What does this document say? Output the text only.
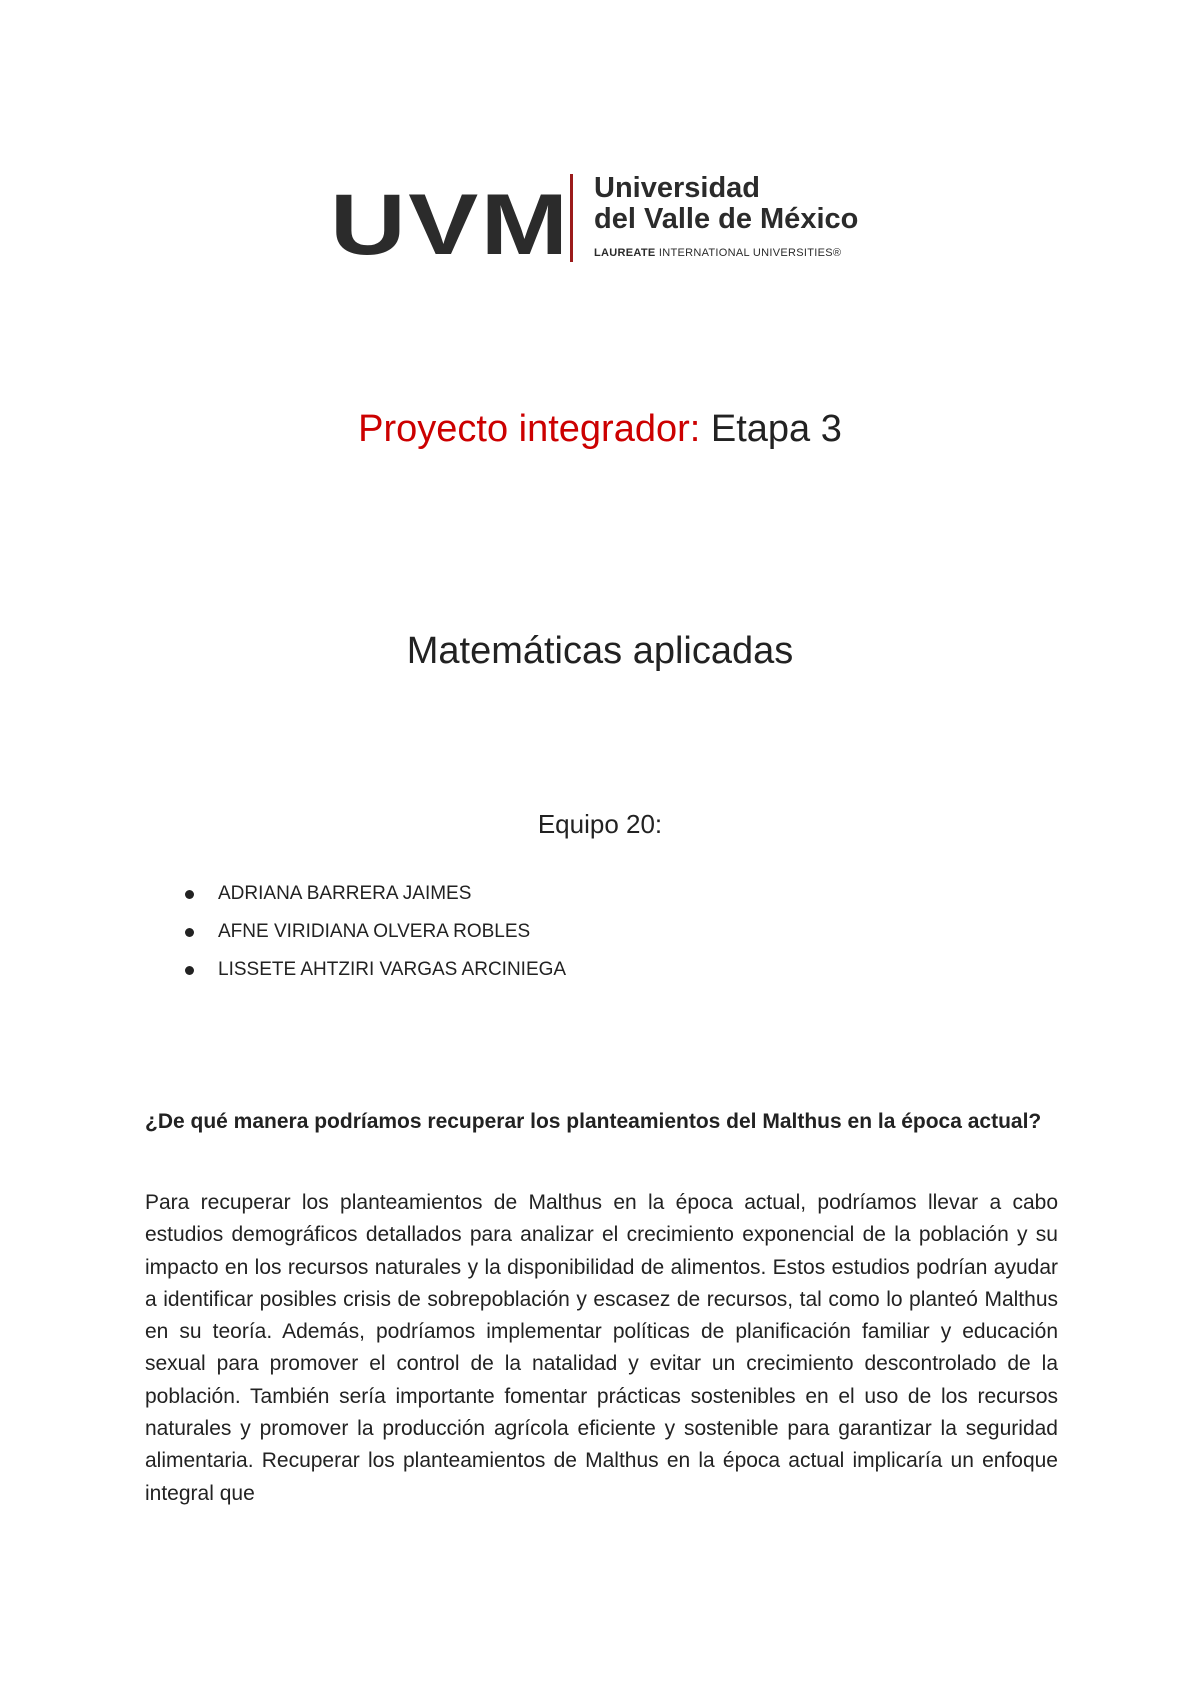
UVM Universidad
del Valle de México
LAUREATE INTERNATIONAL UNIVERSITIES®
Proyecto integrador: Etapa 3
Matemáticas aplicadas
Equipo 20:
ADRIANA BARRERA JAIMES
AFNE VIRIDIANA OLVERA ROBLES
LISSETE AHTZIRI VARGAS ARCINIEGA
¿De qué manera podríamos recuperar los planteamientos del Malthus en la época actual?

Para recuperar los planteamientos de Malthus en la época actual, podríamos llevar a cabo estudios demográficos detallados para analizar el crecimiento exponencial de la población y su impacto en los recursos naturales y la disponibilidad de alimentos. Estos estudios podrían ayudar a identificar posibles crisis de sobrepoblación y escasez de recursos, tal como lo planteó Malthus en su teoría. Además, podríamos implementar políticas de planificación familiar y educación sexual para promover el control de la natalidad y evitar un crecimiento descontrolado de la población. También sería importante fomentar prácticas sostenibles en el uso de los recursos naturales y promover la producción agrícola eficiente y sostenible para garantizar la seguridad alimentaria. Recuperar los planteamientos de Malthus en la época actual implicaría un enfoque integral que
